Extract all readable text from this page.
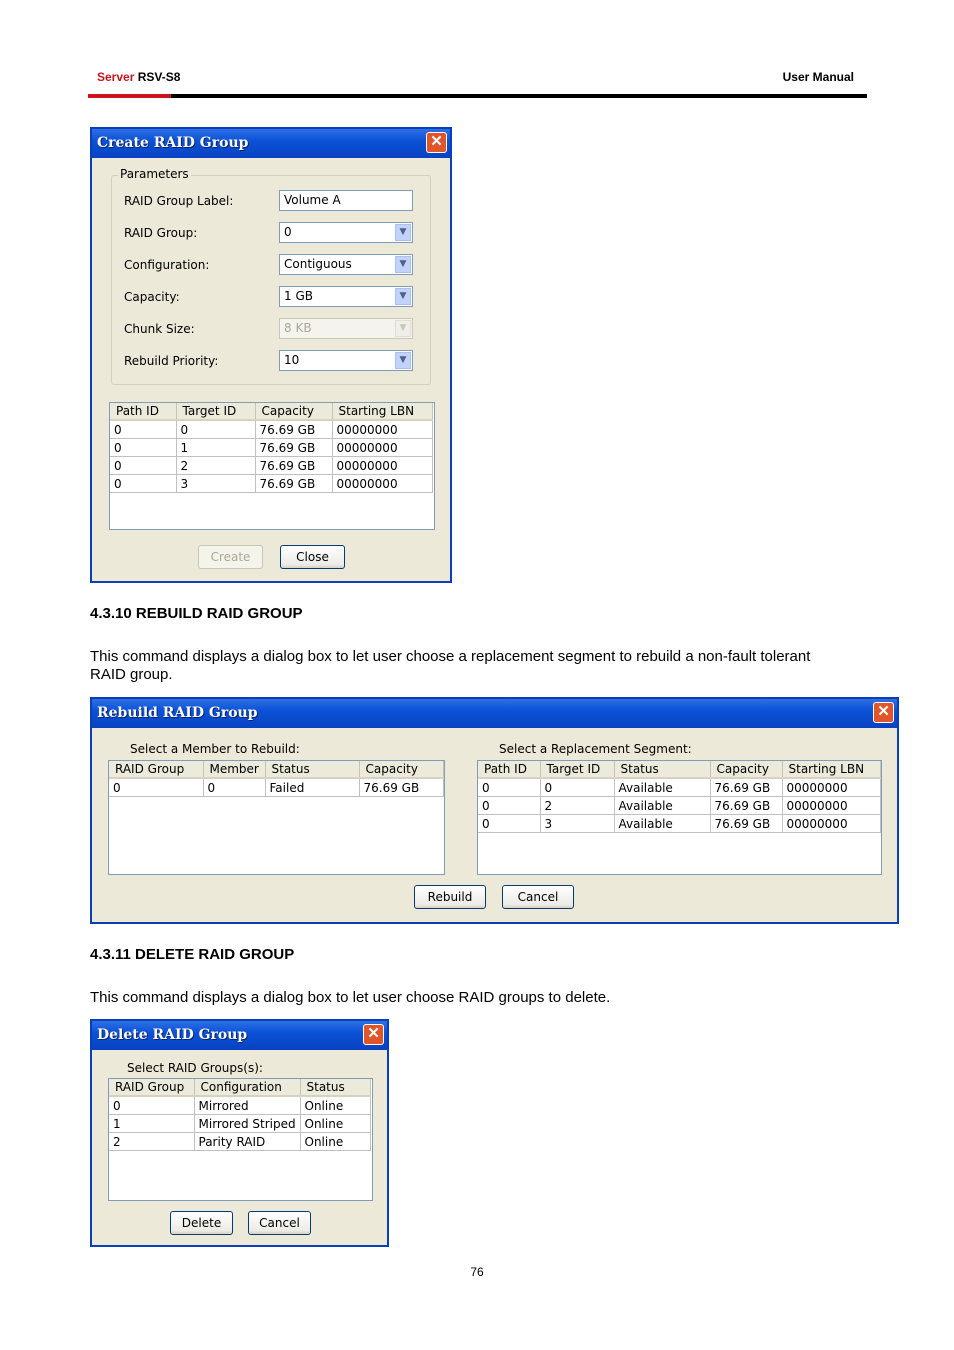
Server RSV-S8	User Manual
Create RAID Group	✕
Parameters
RAID Group Label:	Volume A
RAID Group:	0	▼
Configuration:	Contiguous	▼
Capacity:	1 GB	▼
Chunk Size:	8 KB	▼
Rebuild Priority:	10	▼
Path ID	Target ID	Capacity	Starting LBN
0	0	76.69 GB	00000000
0	1	76.69 GB	00000000
0	2	76.69 GB	00000000
0	3	76.69 GB	00000000
Create	Close
4.3.10 REBUILD RAID GROUP
This command displays a dialog box to let user choose a replacement segment to rebuild a non-fault tolerant RAID group.
Rebuild RAID Group	✕
Select a Member to Rebuild:
RAID Group	Member	Status	Capacity
0	0	Failed	76.69 GB
Select a Replacement Segment:
Path ID	Target ID	Status	Capacity	Starting LBN
0	0	Available	76.69 GB	00000000
0	2	Available	76.69 GB	00000000
0	3	Available	76.69 GB	00000000
Rebuild	Cancel
4.3.11 DELETE RAID GROUP
This command displays a dialog box to let user choose RAID groups to delete.
Delete RAID Group	✕
Select RAID Groups(s):
RAID Group	Configuration	Status
0	Mirrored	Online
1	Mirrored Striped	Online
2	Parity RAID	Online
Delete	Cancel
76
